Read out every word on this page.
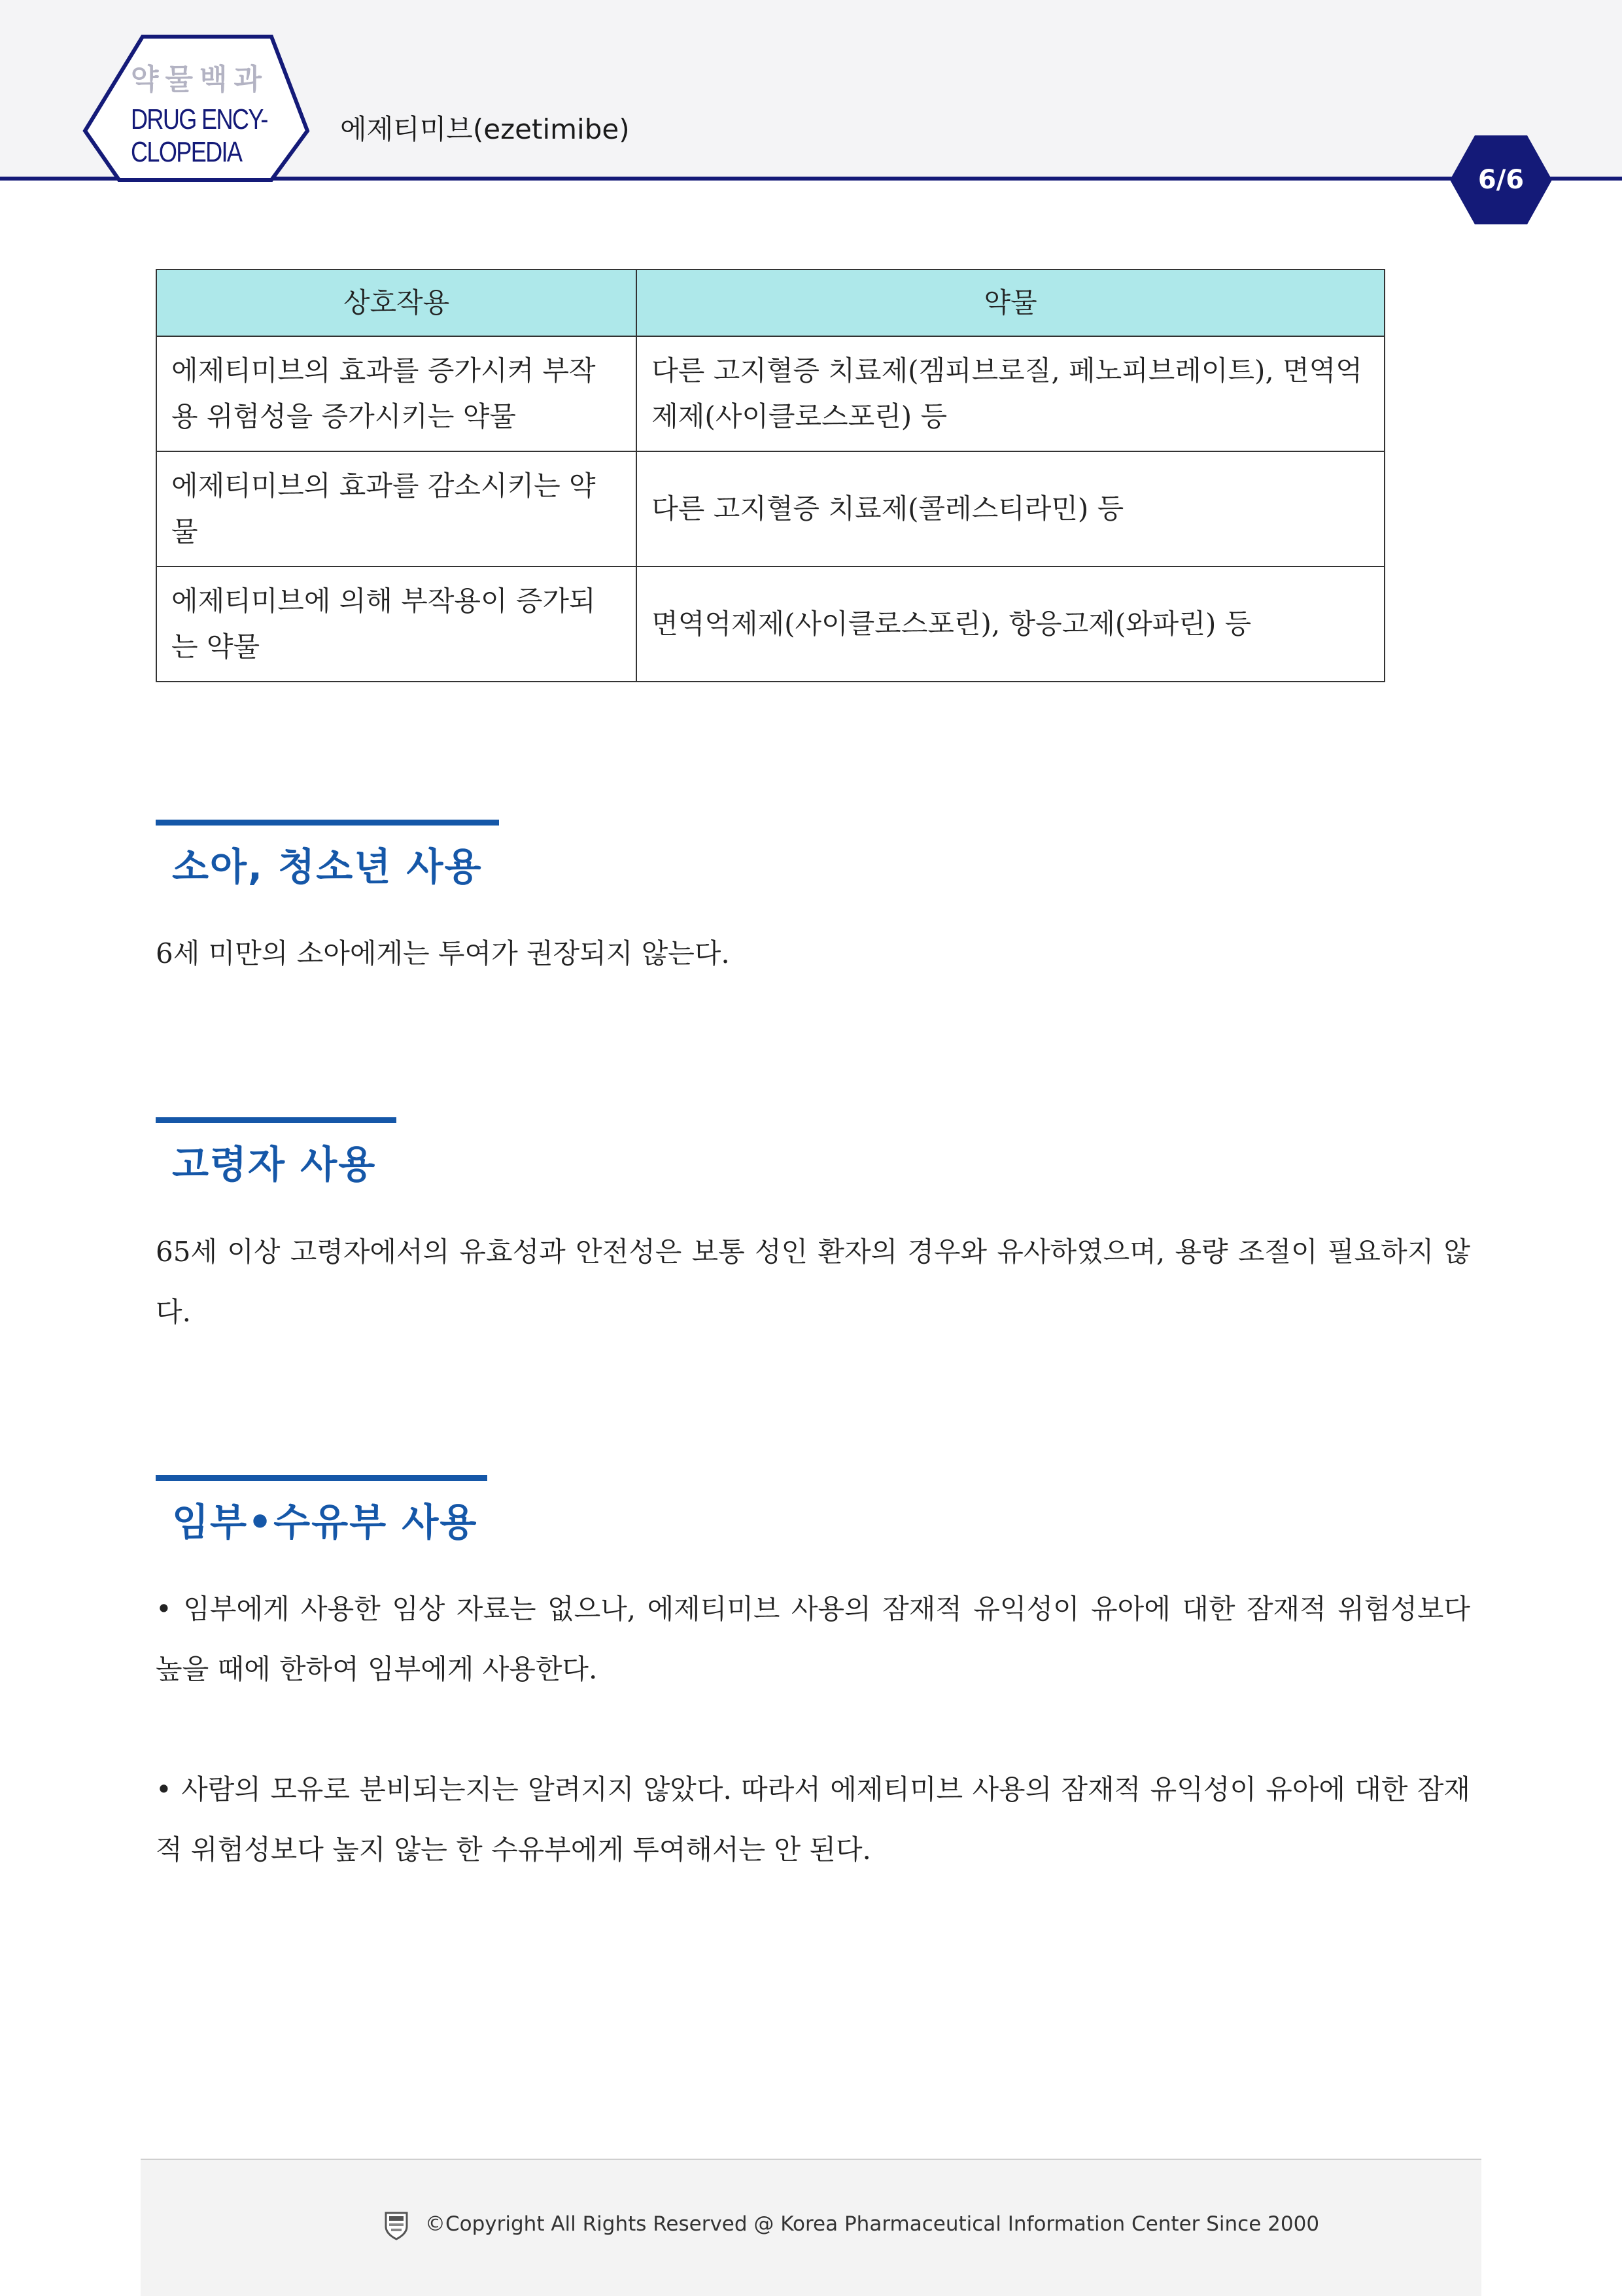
약물백과
DRUG ENCY-
CLOPEDIA
에제티미브(ezetimibe)
6/6
상호작용	약물
에제티미브의 효과를 증가시켜 부작용 위험성을 증가시키는 약물	다른 고지혈증 치료제(겜피브로질, 페노피브레이트), 면역억제제(사이클로스포린) 등
에제티미브의 효과를 감소시키는 약물	다른 고지혈증 치료제(콜레스티라민) 등
에제티미브에 의해 부작용이 증가되는 약물	면역억제제(사이클로스포린), 항응고제(와파린) 등
소아, 청소년 사용

6세 미만의 소아에게는 투여가 권장되지 않는다.

고령자 사용

65세 이상 고령자에서의 유효성과 안전성은 보통 성인 환자의 경우와 유사하였으며, 용량 조절이 필요하지 않다.

임부•수유부 사용

• 임부에게 사용한 임상 자료는 없으나, 에제티미브 사용의 잠재적 유익성이 유아에 대한 잠재적 위험성보다 높을 때에 한하여 임부에게 사용한다.

• 사람의 모유로 분비되는지는 알려지지 않았다. 따라서 에제티미브 사용의 잠재적 유익성이 유아에 대한 잠재적 위험성보다 높지 않는 한 수유부에게 투여해서는 안 된다.

©Copyright All Rights Reserved @ Korea Pharmaceutical Information Center Since 2000
